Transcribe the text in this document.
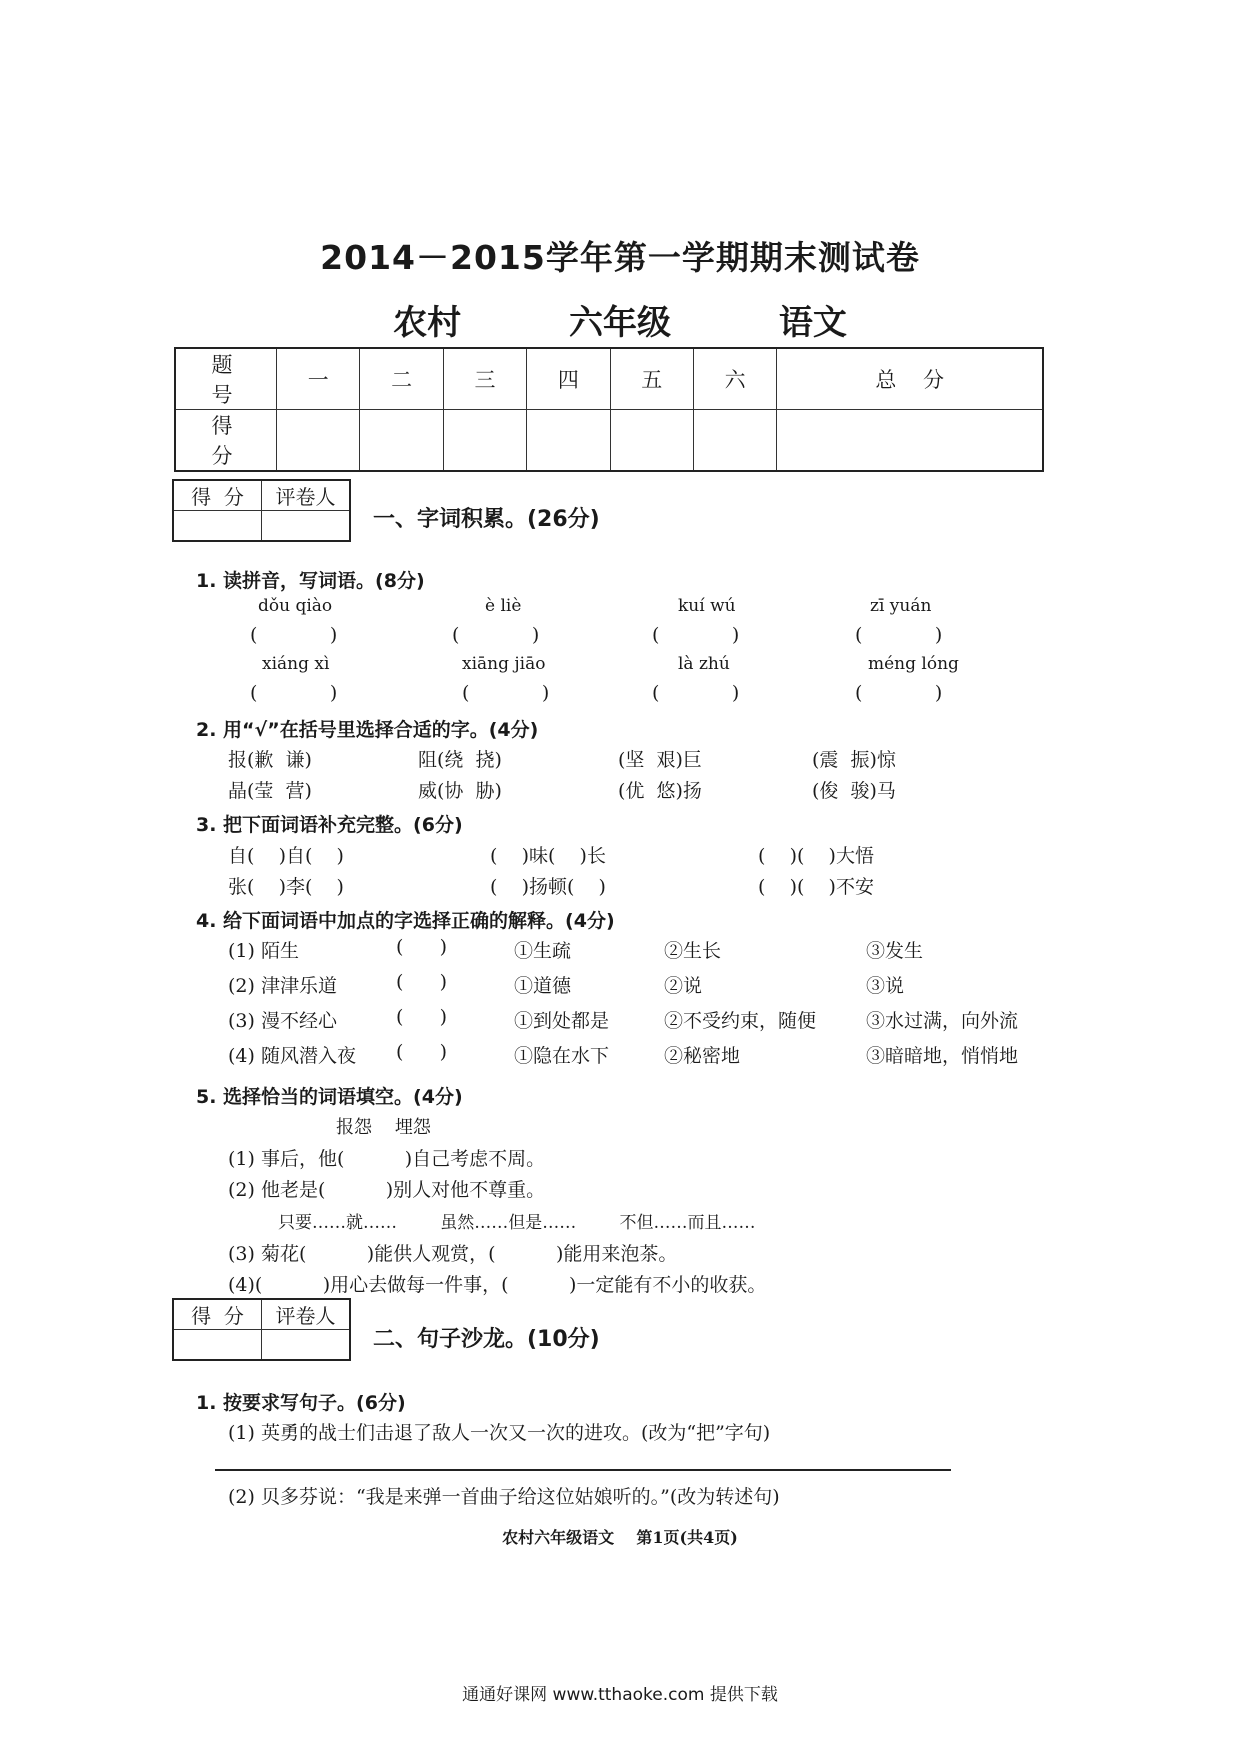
2014－2015学年第一学期期末测试卷
农村	六年级	语文
题 号	一	二	三	四	五	六	总    分
得 分							
得  分	评卷人

一、字词积累。(26分)
1. 读拼音，写词语。(8分)
dǒu qiào	è liè	kuí wú	zī yuán
(            )	(            )	(            )	(            )
xiáng xì	xiāng jiāo	là zhú	méng lóng
(            )	(            )	(            )	(            )
2. 用“√”在括号里选择合适的字。(4分)
报(歉  谦)	阻(绕  挠)	(坚  艰)巨	(震  振)惊
晶(莹  营)	威(协  胁)	(优  悠)扬	(俊  骏)马
3. 把下面词语补充完整。(6分)
自(    )自(    )	(    )味(    )长	(    )(    )大悟
张(    )李(    )	(    )扬顿(    )	(    )(    )不安
4. 给下面词语中加点的字选择正确的解释。(4分)
(1) 陌生	(      )	①生疏	②生长	③发生
(2) 津津乐道	(      )	①道德	②说	③说
(3) 漫不经心	(      )	①到处都是	②不受约束，随便	③水过满，向外流
(4) 随风潜入夜 (      )	①隐在水下	②秘密地	③暗暗地，悄悄地
5. 选择恰当的词语填空。(4分)
报怨    埋怨
(1) 事后，他(          )自己考虑不周。
(2) 他老是(          )别人对他不尊重。
只要……就……        虽然……但是……        不但……而且……
(3) 菊花(          )能供人观赏，(          )能用来泡茶。
(4)(          )用心去做每一件事，(          )一定能有不小的收获。
得  分	评卷人

二、句子沙龙。(10分)
1. 按要求写句子。(6分)
(1) 英勇的战士们击退了敌人一次又一次的进攻。(改为“把”字句)
(2) 贝多芬说：“我是来弹一首曲子给这位姑娘听的。”(改为转述句)
农村六年级语文    第1页(共4页)
通通好课网 www.tthaoke.com 提供下载
